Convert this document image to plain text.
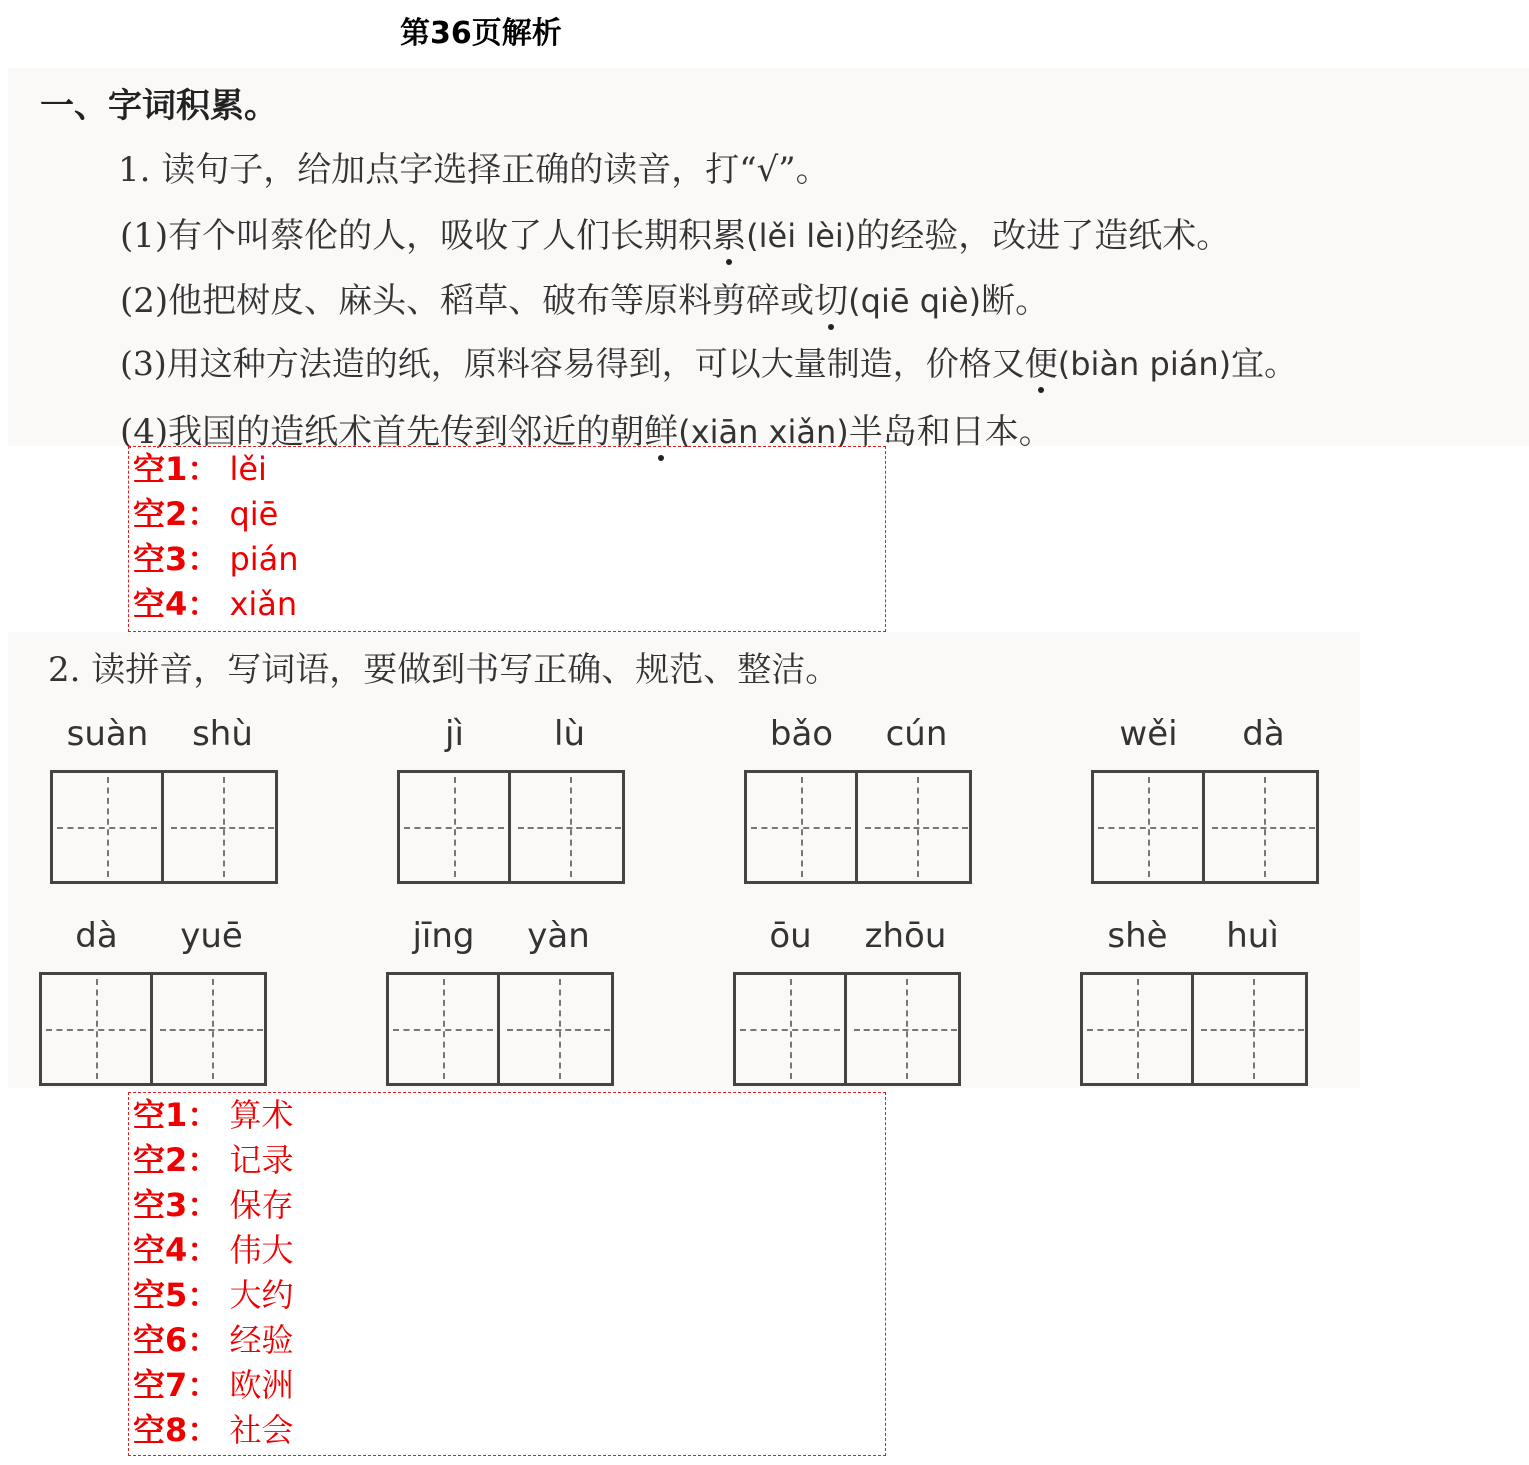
第36页解析
一、字词积累。
1. 读句子，给加点字选择正确的读音，打“√”。
(1)有个叫蔡伦的人，吸收了人们长期积累(lěi lèi)的经验，改进了造纸术。
(2)他把树皮、麻头、稻草、破布等原料剪碎或切(qiē qiè)断。
(3)用这种方法造的纸，原料容易得到，可以大量制造，价格又便(biàn pián)宜。
(4)我国的造纸术首先传到邻近的朝鲜(xiān xiǎn)半岛和日本。
空1： lěi
空2： qiē
空3： pián
空4： xiǎn
2. 读拼音，写词语，要做到书写正确、规范、整洁。
suàn	shù	jì	lù	bǎo	cún	wěi	dà
dà	yuē	jīng	yàn	ōu	zhōu	shè	huì
空1： 算术
空2： 记录
空3： 保存
空4： 伟大
空5： 大约
空6： 经验
空7： 欧洲
空8： 社会
